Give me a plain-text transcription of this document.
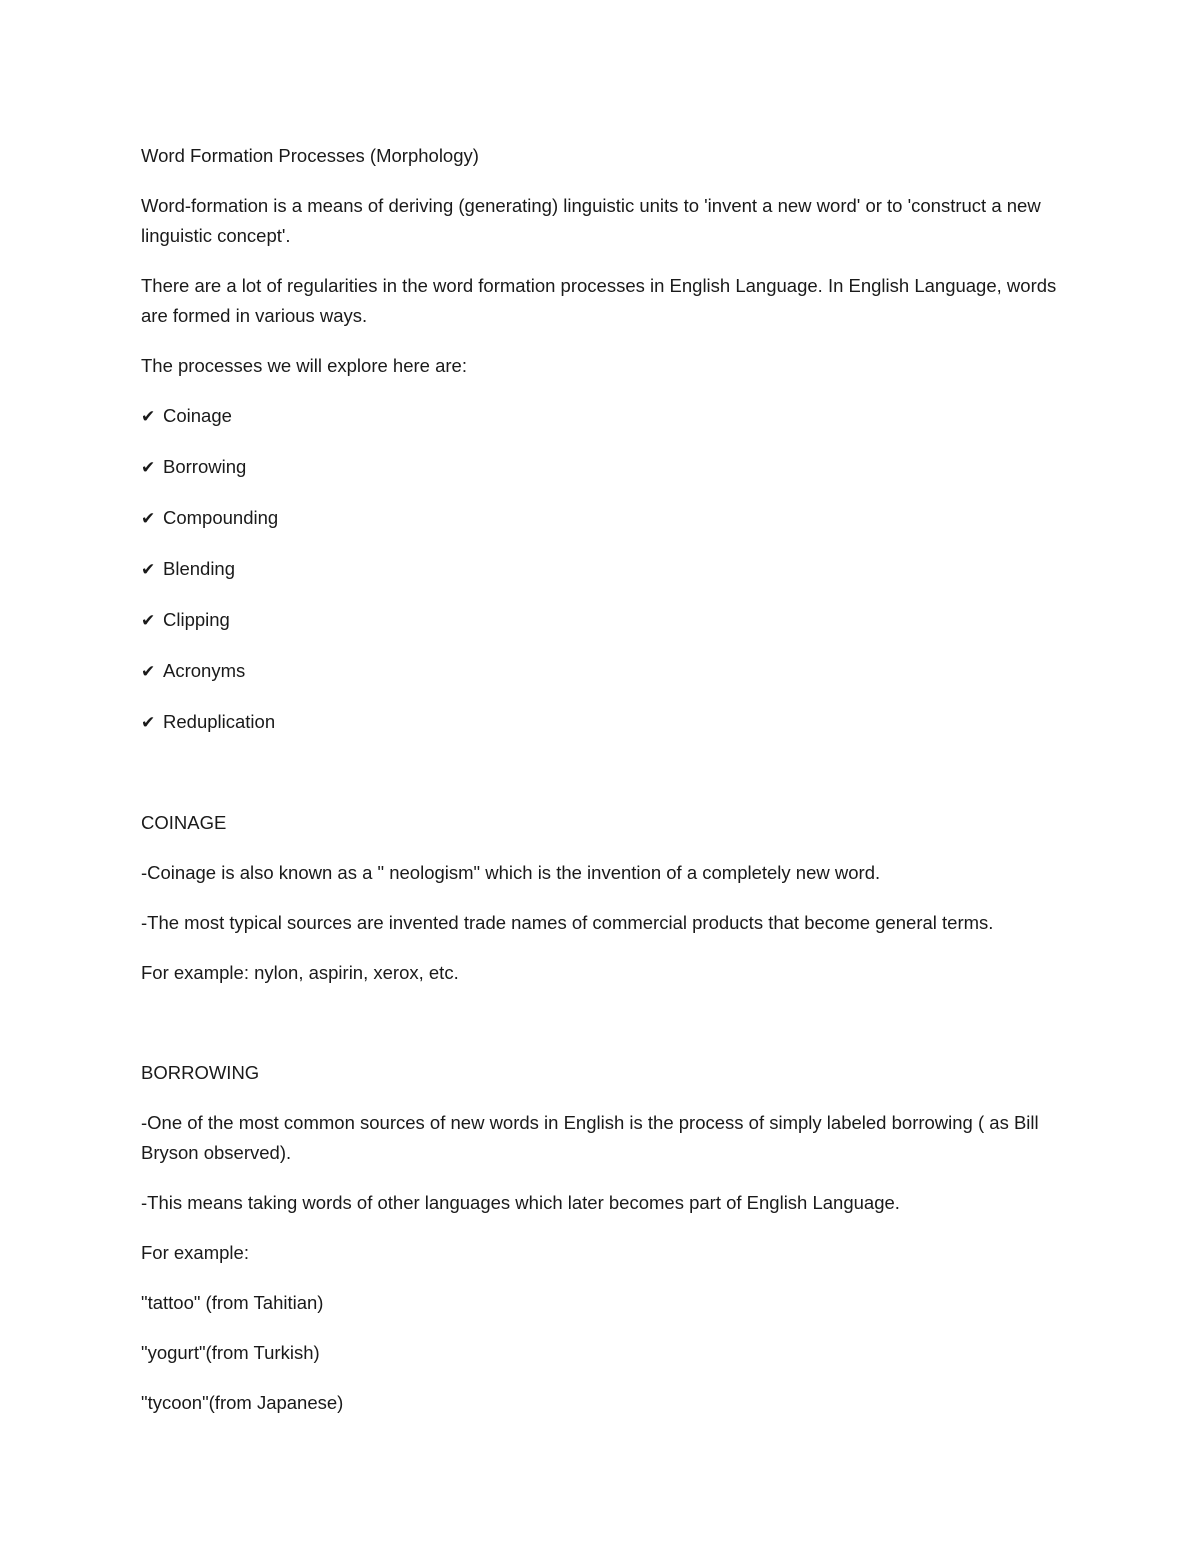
Word Formation Processes (Morphology)

Word-formation is a means of deriving (generating) linguistic units to 'invent a new word' or to 'construct a new linguistic concept'.

There are a lot of regularities in the word formation processes in English Language. In English Language, words are formed in various ways.

The processes we will explore here are:

✔ Coinage
✔ Borrowing
✔ Compounding
✔ Blending
✔ Clipping
✔ Acronyms
✔ Reduplication

COINAGE

-Coinage is also known as a " neologism" which is the invention of a completely new word.

-The most typical sources are invented trade names of commercial products that become general terms.

For example: nylon, aspirin, xerox, etc.

BORROWING

-One of the most common sources of new words in English is the process of simply labeled borrowing ( as Bill Bryson observed).

-This means taking words of other languages which later becomes part of English Language.

For example:

"tattoo" (from Tahitian)

"yogurt"(from Turkish)

"tycoon"(from Japanese)
